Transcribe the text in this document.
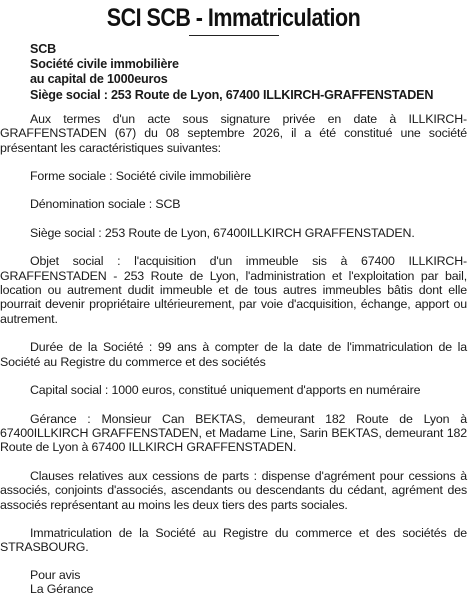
SCI SCB - Immatriculation
SCB
Société civile immobilière
au capital de 1000euros
Siège social : 253 Route de Lyon, 67400 ILLKIRCH-GRAFFENSTADEN

Aux termes d'un acte sous signature privée en date à ILLKIRCH-GRAFFENSTADEN (67) du 08 septembre 2026, il a été constitué une société présentant les caractéristiques suivantes:

Forme sociale : Société civile immobilière

Dénomination sociale : SCB

Siège social : 253 Route de Lyon, 67400ILLKIRCH GRAFFENSTADEN.

Objet social : l'acquisition d'un immeuble sis à 67400 ILLKIRCH-GRAFFENSTADEN - 253 Route de Lyon, l'administration et l'exploitation par bail, location ou autrement dudit immeuble et de tous autres immeubles bâtis dont elle pourrait devenir propriétaire ultérieurement, par voie d'acquisition, échange, apport ou autrement.

Durée de la Société : 99 ans à compter de la date de l'immatriculation de la Société au Registre du commerce et des sociétés

Capital social : 1000 euros, constitué uniquement d'apports en numéraire

Gérance : Monsieur Can BEKTAS, demeurant 182 Route de Lyon à 67400ILLKIRCH GRAFFENSTADEN, et Madame Line, Sarin BEKTAS, demeurant 182 Route de Lyon à 67400 ILLKIRCH GRAFFENSTADEN.

Clauses relatives aux cessions de parts : dispense d'agrément pour cessions à associés, conjoints d'associés, ascendants ou descendants du cédant, agrément des associés représentant au moins les deux tiers des parts sociales.

Immatriculation de la Société au Registre du commerce et des sociétés de STRASBOURG.

Pour avis
La Gérance
